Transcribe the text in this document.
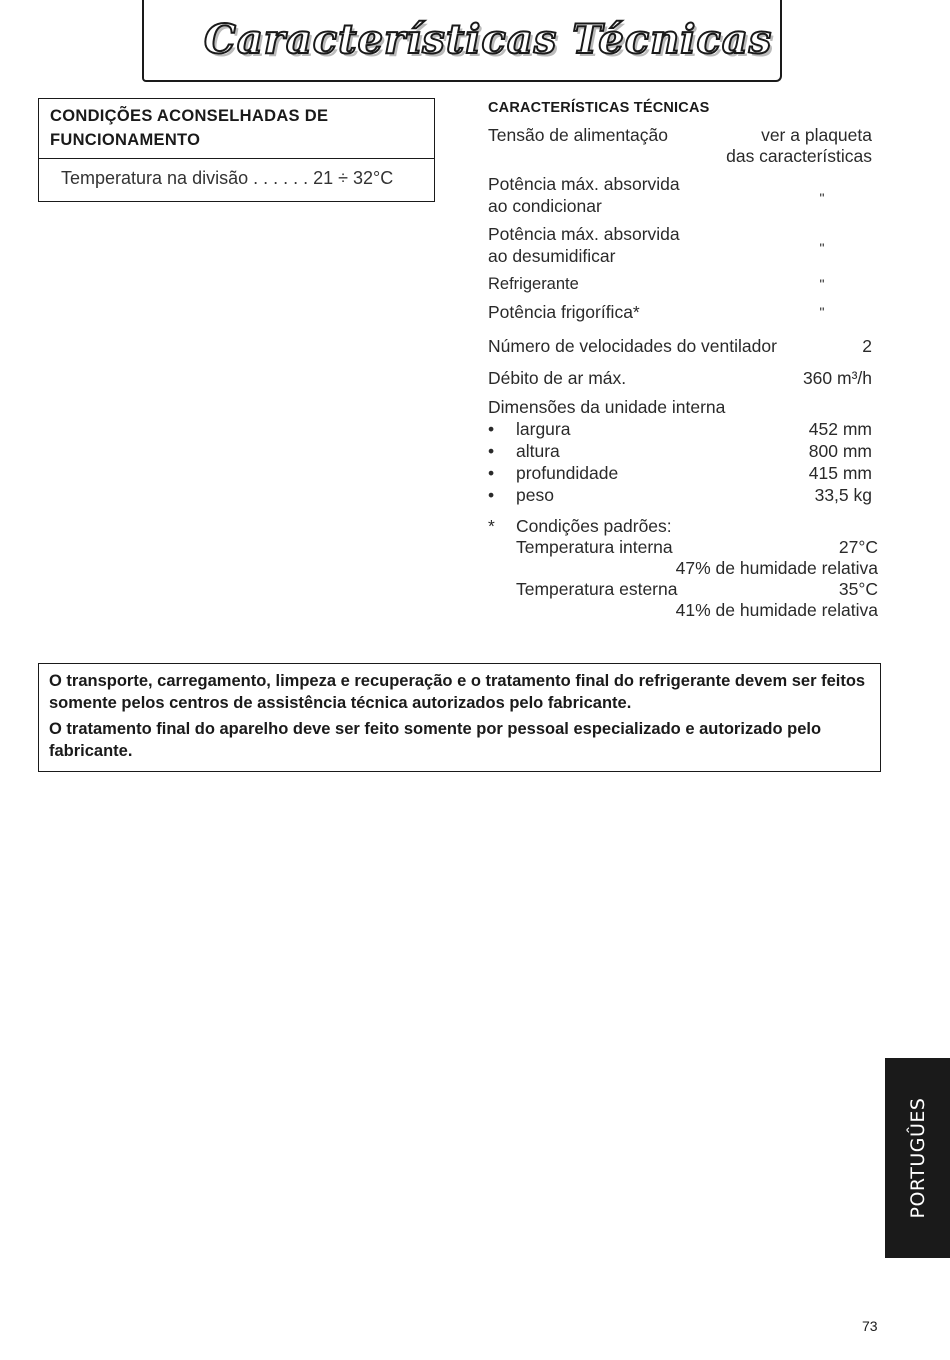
Características Técnicas
CONDIÇÕES ACONSELHADAS DE
FUNCIONAMENTO
Temperatura na divisão . . . . . . 21 ÷ 32°C
CARACTERÍSTICAS TÉCNICAS
Tensão de alimentação	ver a plaqueta
das características
Potência máx. absorvida
ao condicionar	"
Potência máx. absorvida
ao desumidificar	"
Refrigerante	"
Potência frigorífica*	"
Número de velocidades do ventilador	2
Débito de ar máx.	360 m³/h
Dimensões da unidade interna
• largura	452 mm
• altura	800 mm
• profundidade	415 mm
• peso	33,5 kg
*	Condições padrões:
Temperatura interna	27°C
47% de humidade relativa
Temperatura esterna	35°C
41% de humidade relativa

O transporte, carregamento, limpeza e recuperação e o tratamento final do refrigerante devem ser feitos somente pelos centros de assistência técnica autorizados pelo fabricante.

O tratamento final do aparelho deve ser feito somente por pessoal especializado e autorizado pelo fabricante.

PORTUGÛES
73
